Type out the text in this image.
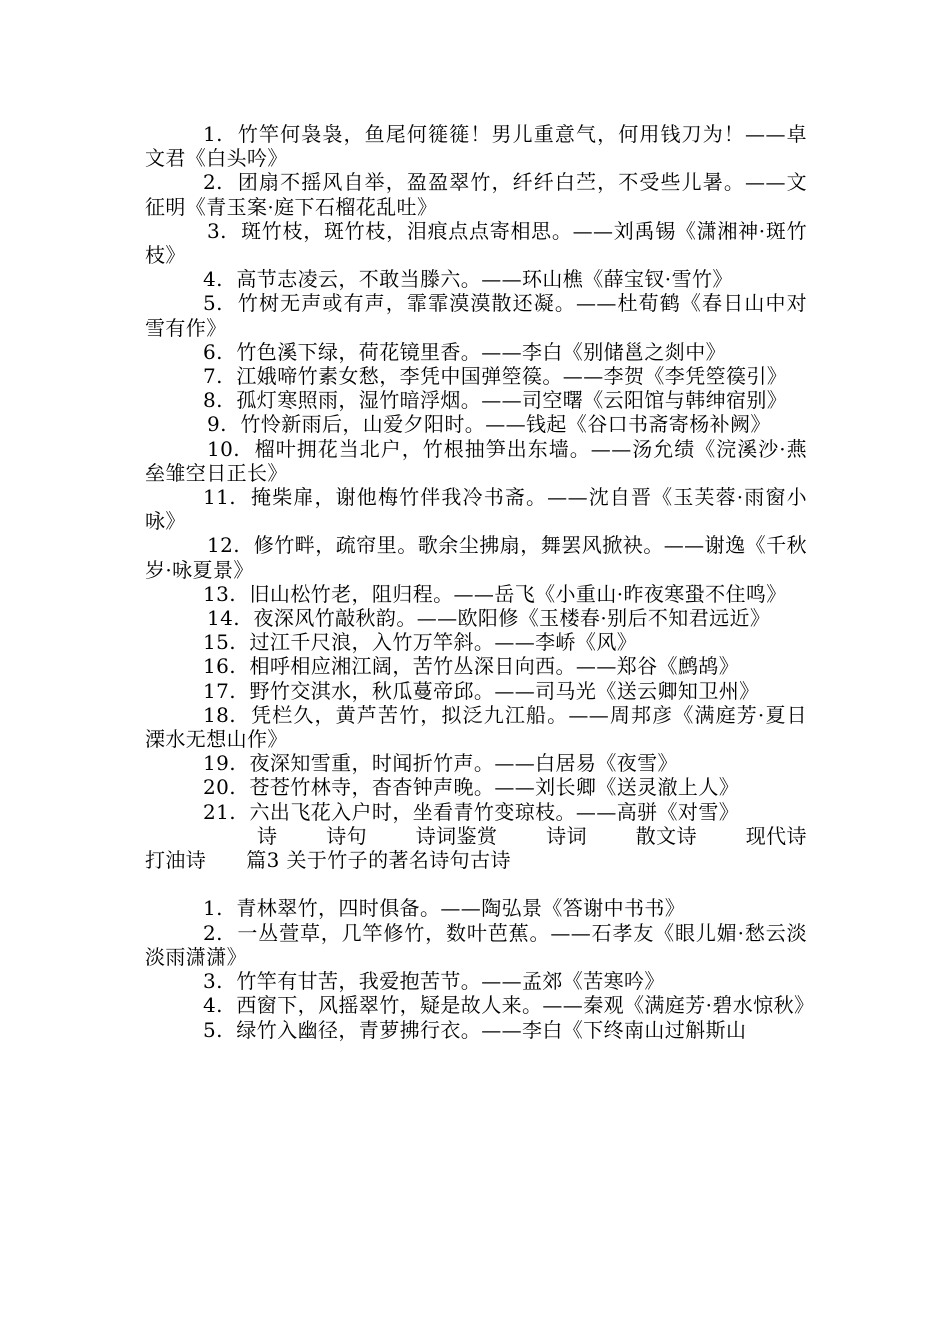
1. 竹竿何袅袅，鱼尾何簁簁！男儿重意气，何用钱刀为！——卓文君《白头吟》

2. 团扇不摇风自举，盈盈翠竹，纤纤白苎，不受些儿暑。——文征明《青玉案·庭下石榴花乱吐》

3. 斑竹枝，斑竹枝，泪痕点点寄相思。——刘禹锡《潇湘神·斑竹枝》

4. 高节志凌云，不敢当滕六。——环山樵《薛宝钗·雪竹》

5. 竹树无声或有声，霏霏漠漠散还凝。——杜荀鹤《春日山中对雪有作》

6. 竹色溪下绿，荷花镜里香。——李白《别储邕之剡中》

7. 江娥啼竹素女愁，李凭中国弹箜篌。——李贺《李凭箜篌引》

8. 孤灯寒照雨，湿竹暗浮烟。——司空曙《云阳馆与韩绅宿别》

9. 竹怜新雨后，山爱夕阳时。——钱起《谷口书斋寄杨补阙》

10. 榴叶拥花当北户，竹根抽笋出东墙。——汤允绩《浣溪沙·燕垒雏空日正长》

11. 掩柴扉，谢他梅竹伴我冷书斋。——沈自晋《玉芙蓉·雨窗小咏》

12. 修竹畔，疏帘里。歌余尘拂扇，舞罢风掀袂。——谢逸《千秋岁·咏夏景》

13. 旧山松竹老，阻归程。——岳飞《小重山·昨夜寒蛩不住鸣》

14. 夜深风竹敲秋韵。——欧阳修《玉楼春·别后不知君远近》

15. 过江千尺浪，入竹万竿斜。——李峤《风》

16. 相呼相应湘江阔，苦竹丛深日向西。——郑谷《鹧鸪》

17. 野竹交淇水，秋瓜蔓帝邱。——司马光《送云卿知卫州》

18. 凭栏久，黄芦苦竹，拟泛九江船。——周邦彦《满庭芳·夏日溧水无想山作》

19. 夜深知雪重，时闻折竹声。——白居易《夜雪》

20. 苍苍竹林寺，杳杳钟声晚。——刘长卿《送灵澈上人》

21. 六出飞花入户时，坐看青竹变琼枝。——高骈《对雪》

诗 诗句 诗词鉴赏 诗词 散文诗 现代诗

打油诗 篇3 关于竹子的著名诗句古诗

1. 青林翠竹，四时俱备。——陶弘景《答谢中书书》

2. 一丛萱草，几竿修竹，数叶芭蕉。——石孝友《眼儿媚·愁云淡淡雨潇潇》

3. 竹竿有甘苦，我爱抱苦节。——孟郊《苦寒吟》

4. 西窗下，风摇翠竹，疑是故人来。——秦观《满庭芳·碧水惊秋》

5. 绿竹入幽径，青萝拂行衣。——李白《下终南山过斛斯山
